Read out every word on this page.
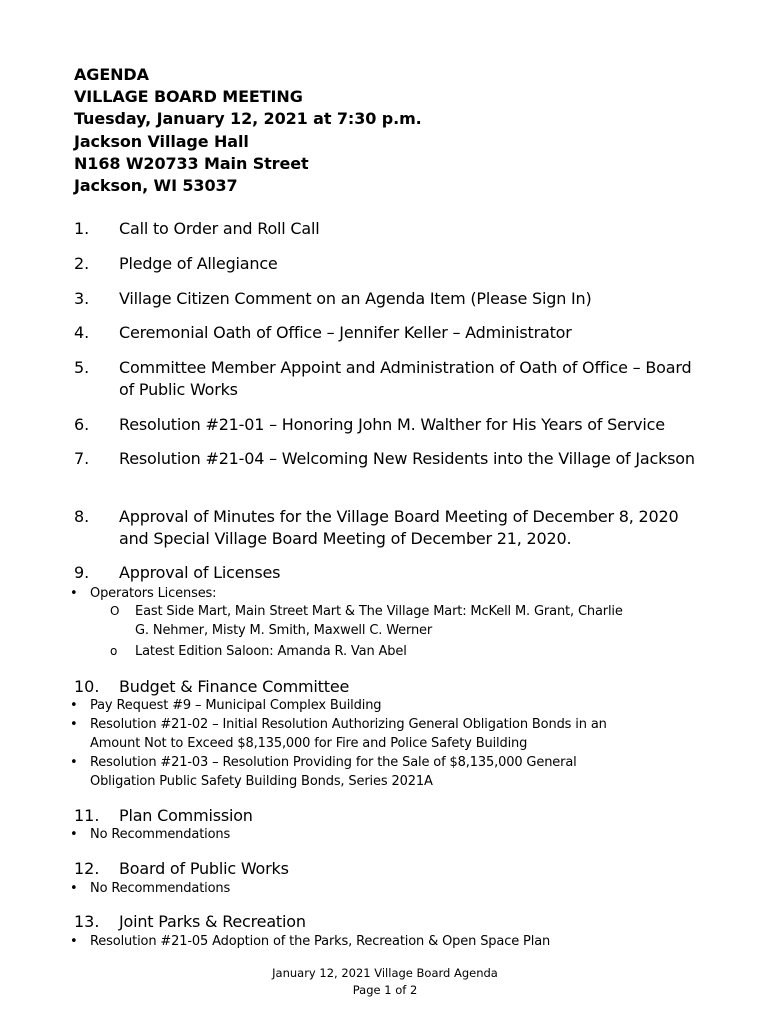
AGENDA
VILLAGE BOARD MEETING
Tuesday, January 12, 2021 at 7:30 p.m.
Jackson Village Hall
N168 W20733 Main Street
Jackson, WI 53037
1. Call to Order and Roll Call
2. Pledge of Allegiance
3. Village Citizen Comment on an Agenda Item (Please Sign In)
4. Ceremonial Oath of Office – Jennifer Keller – Administrator
5. Committee Member Appoint and Administration of Oath of Office – Board of Public Works
6. Resolution #21-01 – Honoring John M. Walther for His Years of Service
7. Resolution #21-04 – Welcoming New Residents into the Village of Jackson
8. Approval of Minutes for the Village Board Meeting of December 8, 2020 and Special Village Board Meeting of December 21, 2020.
9. Approval of Licenses
• Operators Licenses:
O East Side Mart, Main Street Mart & The Village Mart: McKell M. Grant, Charlie G. Nehmer, Misty M. Smith, Maxwell C. Werner
o Latest Edition Saloon: Amanda R. Van Abel
10. Budget & Finance Committee
• Pay Request #9 – Municipal Complex Building
• Resolution #21-02 – Initial Resolution Authorizing General Obligation Bonds in an Amount Not to Exceed $8,135,000 for Fire and Police Safety Building
• Resolution #21-03 – Resolution Providing for the Sale of $8,135,000 General Obligation Public Safety Building Bonds, Series 2021A
11. Plan Commission
• No Recommendations
12. Board of Public Works
• No Recommendations
13. Joint Parks & Recreation
• Resolution #21-05 Adoption of the Parks, Recreation & Open Space Plan
January 12, 2021 Village Board Agenda
Page 1 of 2
